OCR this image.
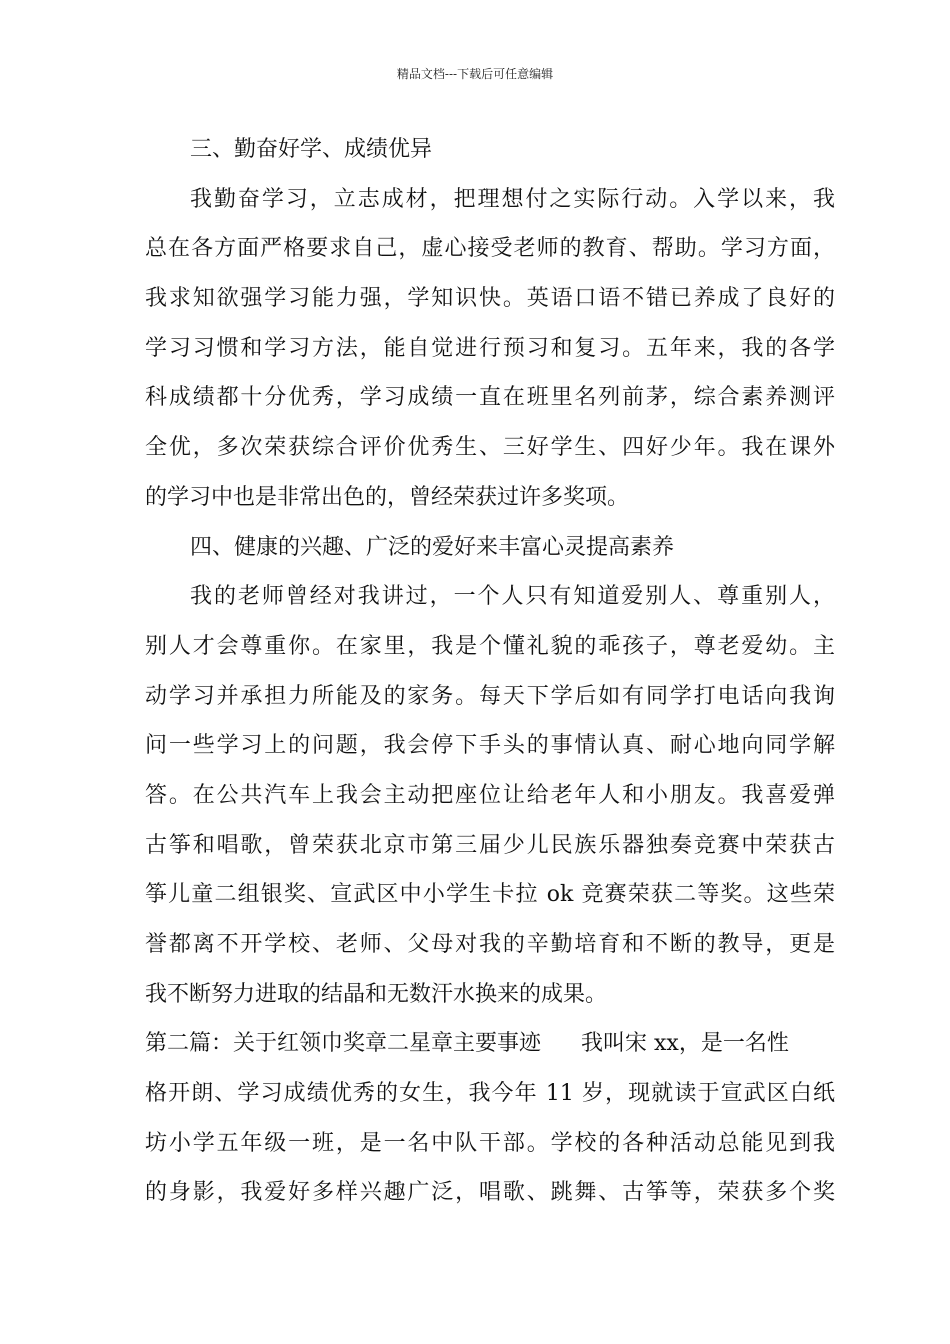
精品文档---下载后可任意编辑
三、勤奋好学、成绩优异
我勤奋学习，立志成材，把理想付之实际行动。入学以来，我
总在各方面严格要求自己，虚心接受老师的教育、帮助。学习方面，
我求知欲强学习能力强，学知识快。英语口语不错已养成了良好的
学习习惯和学习方法，能自觉进行预习和复习。五年来，我的各学
科成绩都十分优秀，学习成绩一直在班里名列前茅，综合素养测评
全优，多次荣获综合评价优秀生、三好学生、四好少年。我在课外
的学习中也是非常出色的，曾经荣获过许多奖项。
四、健康的兴趣、广泛的爱好来丰富心灵提高素养
我的老师曾经对我讲过，一个人只有知道爱别人、尊重别人，
别人才会尊重你。在家里，我是个懂礼貌的乖孩子，尊老爱幼。主
动学习并承担力所能及的家务。每天下学后如有同学打电话向我询
问一些学习上的问题，我会停下手头的事情认真、耐心地向同学解
答。在公共汽车上我会主动把座位让给老年人和小朋友。我喜爱弹
古筝和唱歌，曾荣获北京市第三届少儿民族乐器独奏竞赛中荣获古
筝儿童二组银奖、宣武区中小学生卡拉 ok 竞赛荣获二等奖。这些荣
誉都离不开学校、老师、父母对我的辛勤培育和不断的教导，更是
我不断努力进取的结晶和无数汗水换来的成果。
第二篇：关于红领巾奖章二星章主要事迹 我叫宋 xx，是一名性
格开朗、学习成绩优秀的女生，我今年 11 岁，现就读于宣武区白纸
坊小学五年级一班，是一名中队干部。学校的各种活动总能见到我
的身影，我爱好多样兴趣广泛，唱歌、跳舞、古筝等，荣获多个奖
